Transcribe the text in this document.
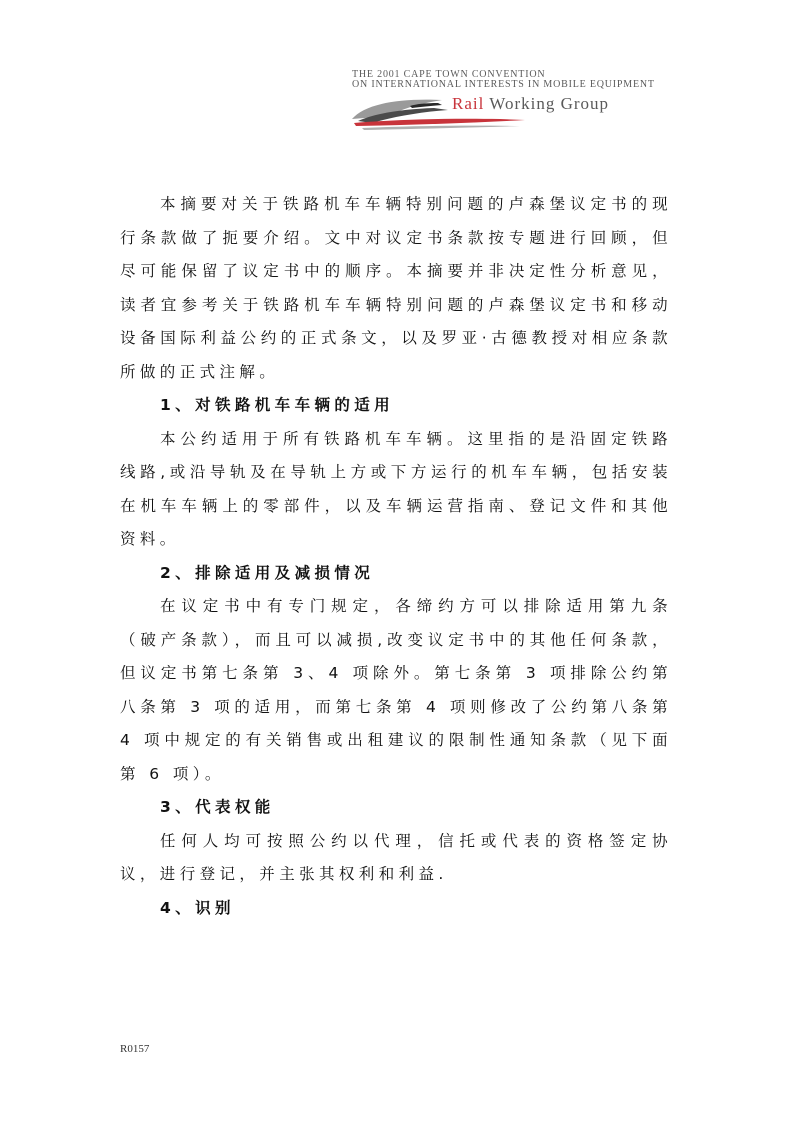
THE 2001 CAPE TOWN CONVENTION
ON INTERNATIONAL INTERESTS IN MOBILE EQUIPMENT
Rail Working Group

本摘要对关于铁路机车车辆特别问题的卢森堡议定书的现行条款做了扼要介绍。文中对议定书条款按专题进行回顾，但尽可能保留了议定书中的顺序。本摘要并非决定性分析意见，读者宜参考关于铁路机车车辆特别问题的卢森堡议定书和移动设备国际利益公约的正式条文，以及罗亚·古德教授对相应条款所做的正式注解。

1、对铁路机车车辆的适用

本公约适用于所有铁路机车车辆。这里指的是沿固定铁路线路,或沿导轨及在导轨上方或下方运行的机车车辆，包括安装在机车车辆上的零部件，以及车辆运营指南、登记文件和其他资料。

2、排除适用及减损情况

在议定书中有专门规定，各缔约方可以排除适用第九条（破产条款），而且可以减损,改变议定书中的其他任何条款，但议定书第七条第 3、4 项除外。第七条第 3 项排除公约第八条第 3 项的适用，而第七条第 4 项则修改了公约第八条第 4 项中规定的有关销售或出租建议的限制性通知条款（见下面第 6 项）。

3、代表权能

任何人均可按照公约以代理，信托或代表的资格签定协议，进行登记，并主张其权利和利益.

4、识别

R0157
